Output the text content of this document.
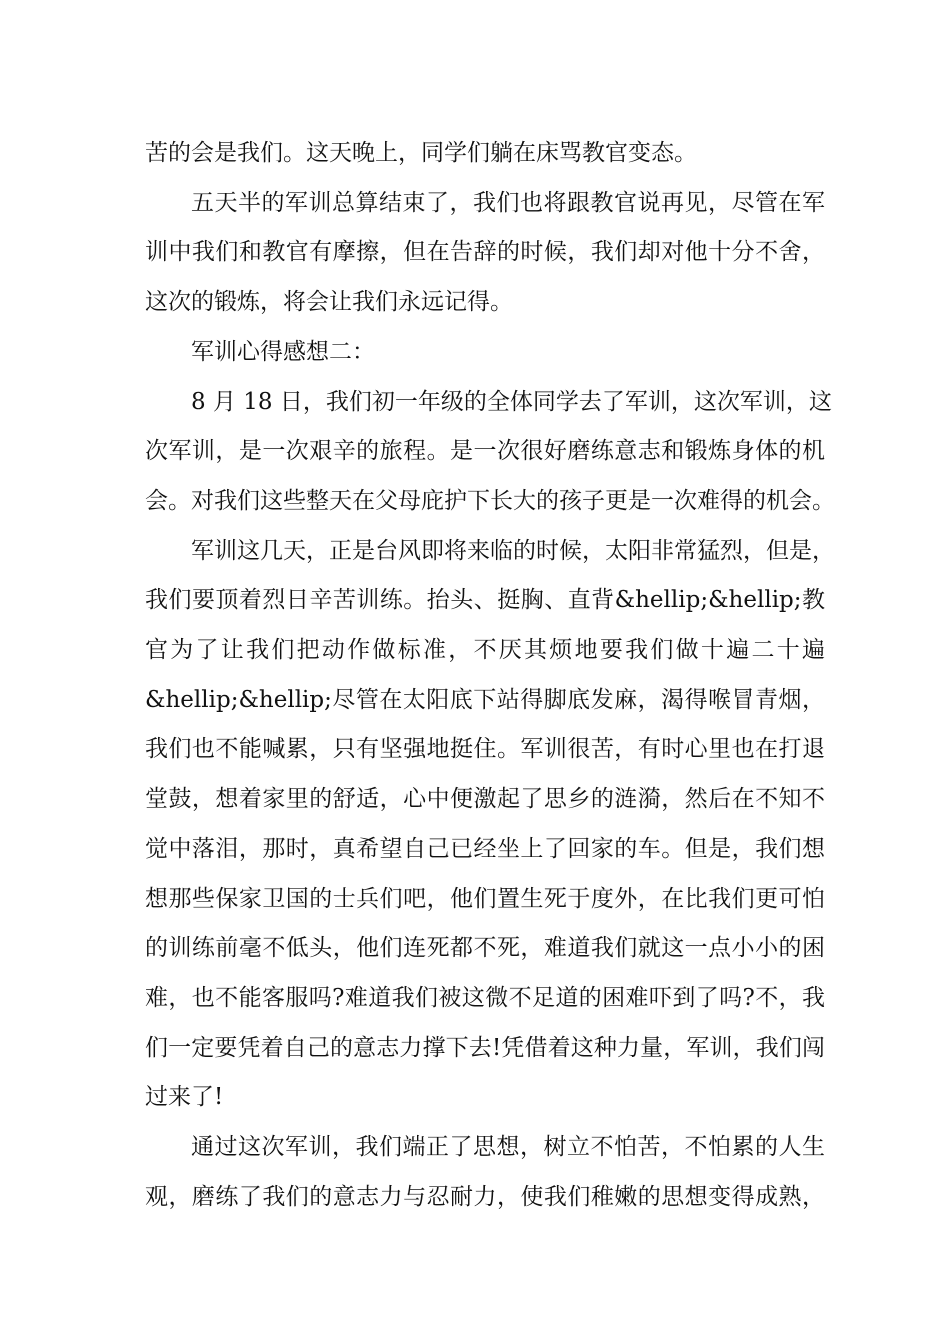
苦的会是我们。这天晚上，同学们躺在床骂教官变态。
五天半的军训总算结束了，我们也将跟教官说再见，尽管在军
训中我们和教官有摩擦，但在告辞的时候，我们却对他十分不舍，
这次的锻炼，将会让我们永远记得。
军训心得感想二：
8 月 18 日，我们初一年级的全体同学去了军训，这次军训，这
次军训，是一次艰辛的旅程。是一次很好磨练意志和锻炼身体的机
会。对我们这些整天在父母庇护下长大的孩子更是一次难得的机会。
军训这几天，正是台风即将来临的时候，太阳非常猛烈，但是，
我们要顶着烈日辛苦训练。抬头、挺胸、直背&hellip;&hellip;教
官为了让我们把动作做标准，不厌其烦地要我们做十遍二十遍
&hellip;&hellip;尽管在太阳底下站得脚底发麻，渴得喉冒青烟，
我们也不能喊累，只有坚强地挺住。军训很苦，有时心里也在打退
堂鼓，想着家里的舒适，心中便激起了思乡的涟漪，然后在不知不
觉中落泪，那时，真希望自己已经坐上了回家的车。但是，我们想
想那些保家卫国的士兵们吧，他们置生死于度外，在比我们更可怕
的训练前毫不低头，他们连死都不死，难道我们就这一点小小的困
难，也不能客服吗?难道我们被这微不足道的困难吓到了吗?不，我
们一定要凭着自己的意志力撑下去!凭借着这种力量，军训，我们闯
过来了!
通过这次军训，我们端正了思想，树立不怕苦，不怕累的人生
观，磨练了我们的意志力与忍耐力，使我们稚嫩的思想变得成熟，
